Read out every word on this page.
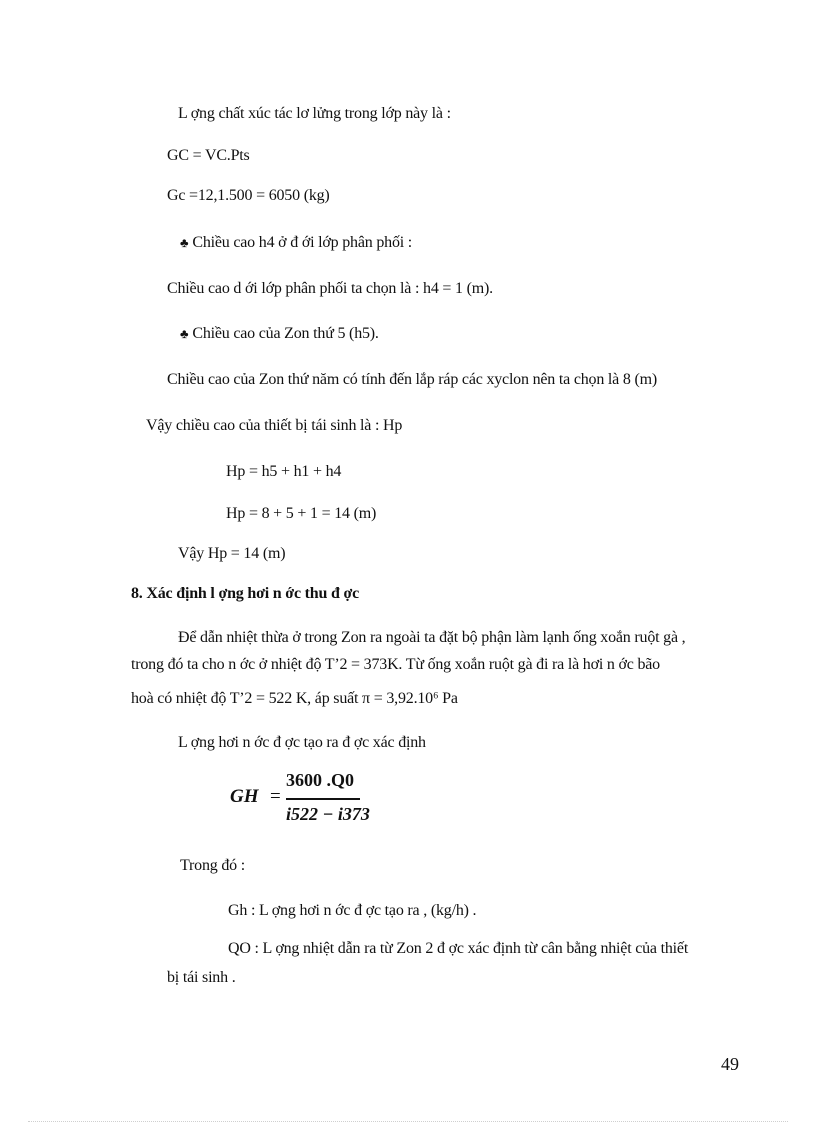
L ợng chất xúc tác lơ lửng trong lớp này là :
GC = VC.Pts
Gc =12,1.500 = 6050 (kg)
♣ Chiều cao h4 ở đ ới lớp phân phối :
Chiều cao d ới lớp phân phối ta chọn là : h4 = 1 (m).
♣ Chiều cao của Zon thứ 5 (h5).
Chiều cao của Zon thứ năm có tính đến lắp ráp các xyclon nên ta chọn là 8 (m)
Vậy chiều cao của thiết bị tái sinh là : Hp
Hp = h5 + h1 + h4
Hp = 8 + 5 + 1 = 14 (m)
Vậy Hp = 14 (m)
8. Xác định l ợng hơi n ớc thu đ ợc
Để dẫn nhiệt thừa ở trong Zon ra ngoài ta đặt bộ phận làm lạnh ống xoắn ruột gà ,
trong đó ta cho n ớc ở nhiệt độ T’2 = 373K. Từ ống xoắn ruột gà đi ra là hơi n ớc bão
hoà có nhiệt độ T’2 = 522 K, áp suất π = 3,92.10⁶ Pa
L ợng hơi n ớc đ ợc tạo ra đ ợc xác định
GH =
3600 .Q0
i522 − i373
Trong đó :
Gh : L ợng hơi n ớc đ ợc tạo ra , (kg/h) .
QO : L ợng nhiệt dẫn ra từ Zon 2 đ ợc xác định từ cân bằng nhiệt của thiết
bị tái sinh .
49
